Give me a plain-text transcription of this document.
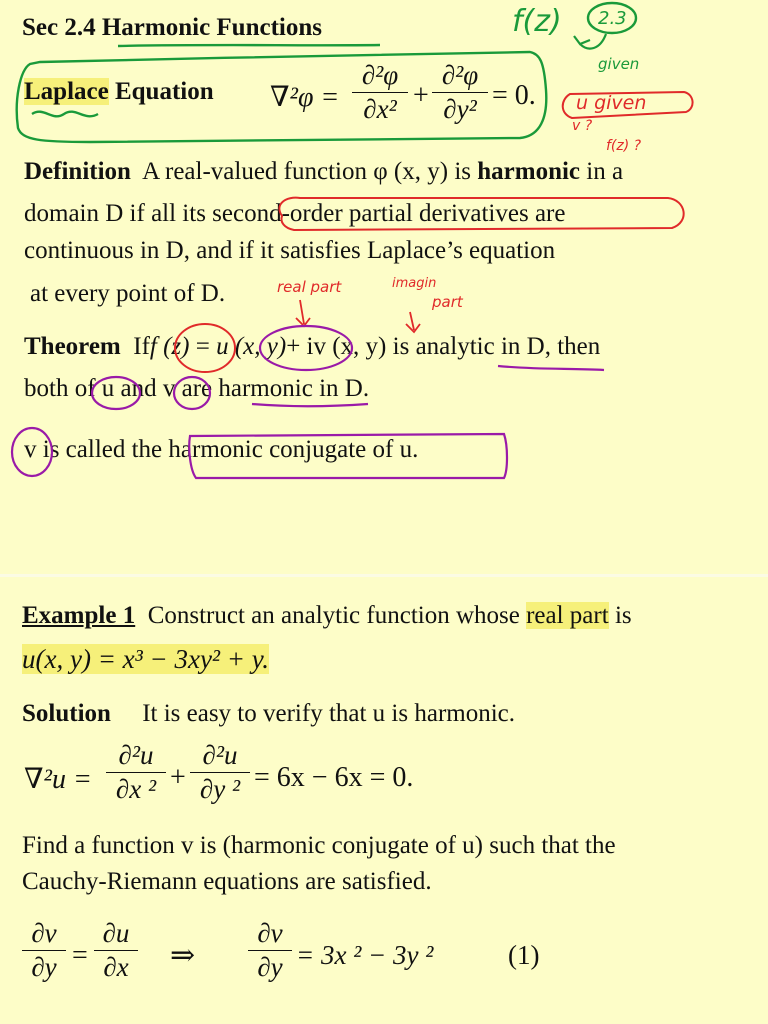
Sec 2.4 Harmonic Functions
Laplace Equation ∇²φ =
∂²φ
∂x² +
∂²φ
∂y² = 0.
Definition A real-valued function φ (x, y) is harmonic in a
domain D if all its second-order partial derivatives are
continuous in D, and if it satisfies Laplace’s equation
at every point of D.
Theorem Iff (z) = u (x, y)+ iv (x, y) is analytic in D, then
both of u and v are harmonic in D.
v is called the harmonic conjugate of u.
f(z) 2.3
given
u given
v ?
f(z) ?
real part	imagin
part
Example 1 Construct an analytic function whose real part is
u(x, y) = x³ − 3xy² + y.
Solution It is easy to verify that u is harmonic.
∇²u =
∂²u
∂x ² +
∂²u
∂y ² = 6x − 6x = 0.
Find a function v is (harmonic conjugate of u) such that the
Cauchy-Riemann equations are satisfied.
∂v
∂y =
∂u
∂x	⇒
∂v
∂y = 3x ² − 3y ²	(1)
